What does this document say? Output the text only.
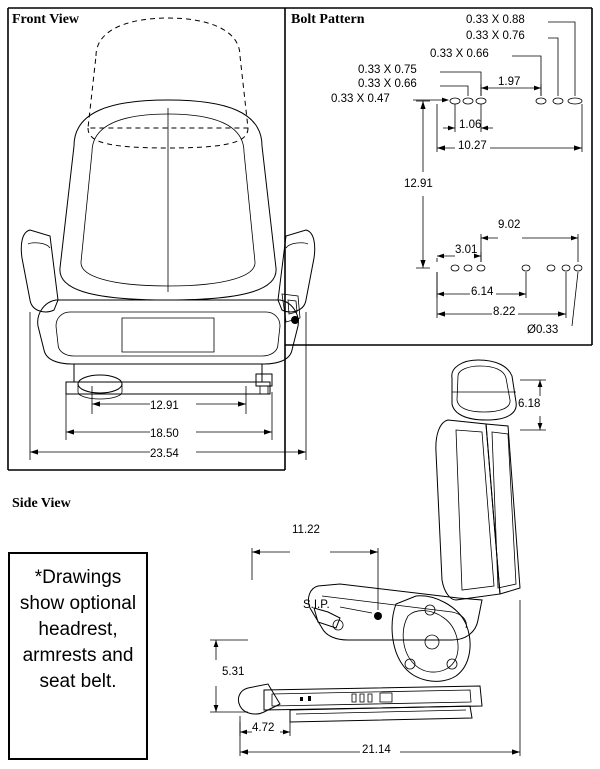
Front View	Bolt Pattern
Side View
*Drawings show optional headrest, armrests and seat belt.
12.91
18.50
23.54
0.33 X 0.88
0.33 X 0.76
0.33 X 0.66
0.33 X 0.75
0.33 X 0.66
0.33 X 0.47
1.97
1.06
10.27
12.91
9.02
3.01
6.14
8.22
Ø0.33
6.18
11.22
5.31
4.72
21.14
S.I.P.
